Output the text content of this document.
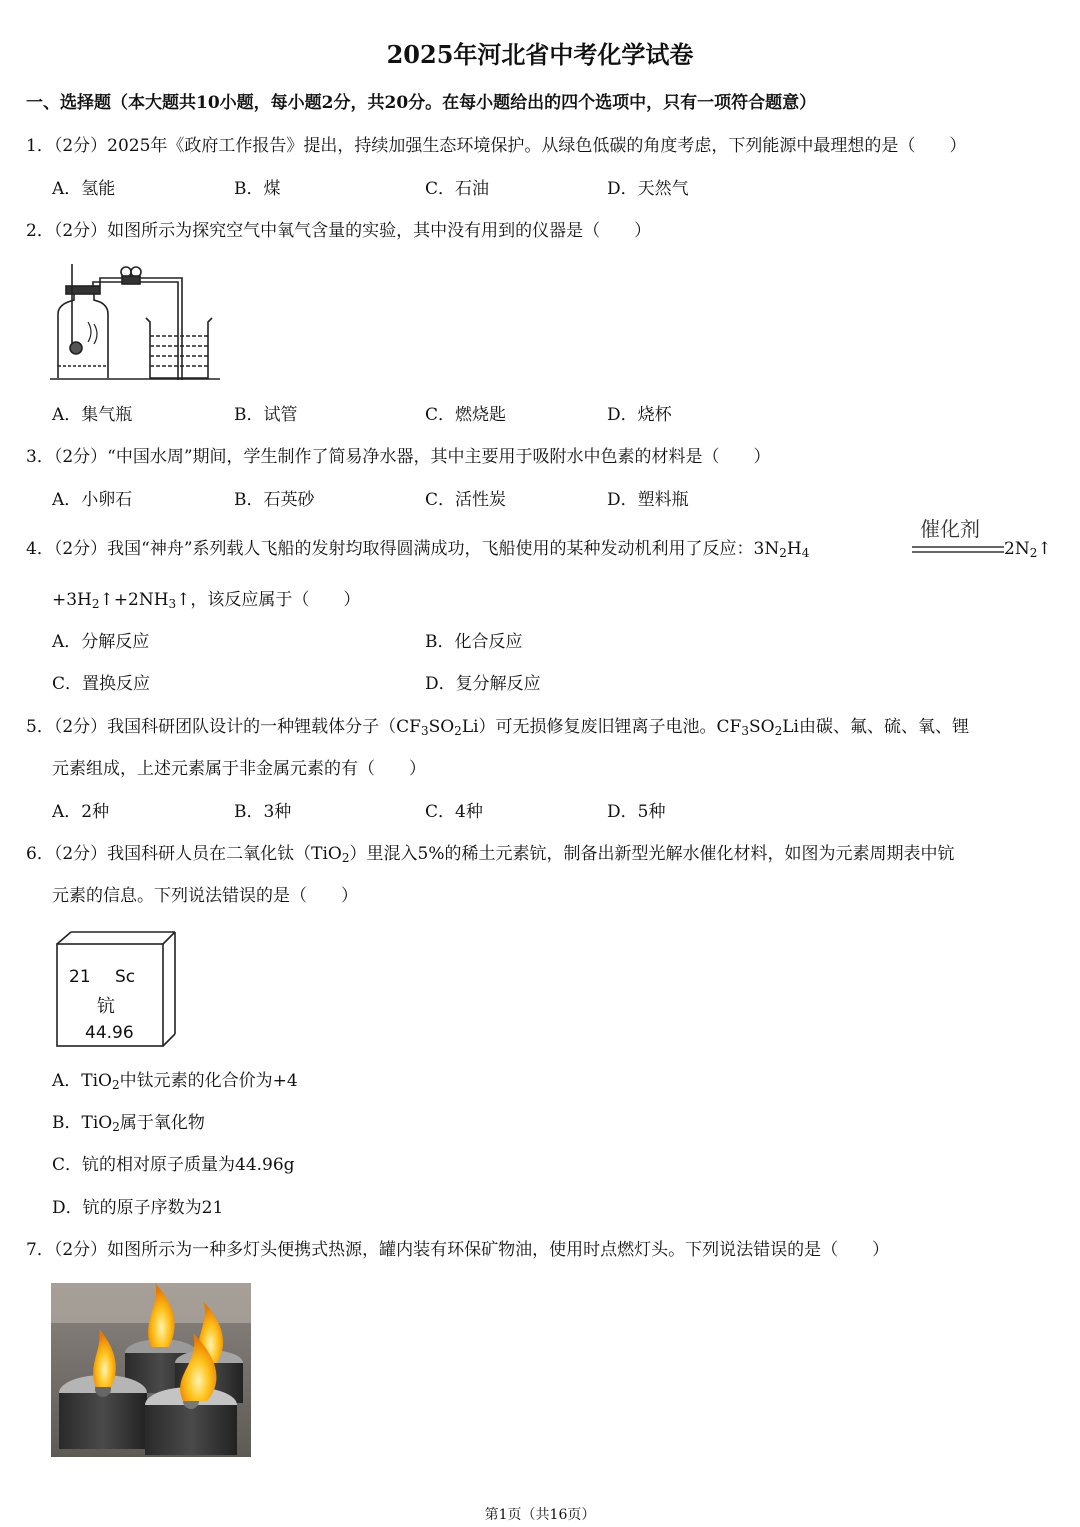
2025年河北省中考化学试卷
一、选择题（本大题共10小题，每小题2分，共20分。在每小题给出的四个选项中，只有一项符合题意）
1．（2分）2025年《政府工作报告》提出，持续加强生态环境保护。从绿色低碳的角度考虑，下列能源中最理想的是（　　）
A．氢能	B．煤	C．石油	D．天然气
2．（2分）如图所示为探究空气中氧气含量的实验，其中没有用到的仪器是（　　）
A．集气瓶	B．试管	C．燃烧匙	D．烧杯
3．（2分）“中国水周”期间，学生制作了简易净水器，其中主要用于吸附水中色素的材料是（　　）
A．小卵石	B．石英砂	C．活性炭	D．塑料瓶
4．（2分）我国“神舟”系列载人飞船的发射均取得圆满成功，飞船使用的某种发动机利用了反应：$3N_2H_4$
催化剂
$2N_2↑$
$+3H_2↑+2NH_3↑$，该反应属于（　　）
A．分解反应	B．化合反应
C．置换反应	D．复分解反应
5．（2分）我国科研团队设计的一种锂载体分子$(CF_3SO_2Li)$可无损修复废旧锂离子电池。$CF_3SO_2Li$由碳、氟、硫、氧、锂
元素组成，上述元素属于非金属元素的有（　　）
A．2种	B．3种	C．4种	D．5种
6．（2分）我国科研人员在二氧化钛（TiO$_2$）里混入5%的稀土元素钪，制备出新型光解水催化材料，如图为元素周期表中钪
元素的信息。下列说法错误的是（　　）
21 Sc
钪
44.96
A．TiO$_2$中钛元素的化合价为+4
B．TiO$_2$属于氧化物
C．钪的相对原子质量为44.96g
D．钪的原子序数为21
7．（2分）如图所示为一种多灯头便携式热源，罐内装有环保矿物油，使用时点燃灯头。下列说法错误的是（　　）
第1页（共16页）
